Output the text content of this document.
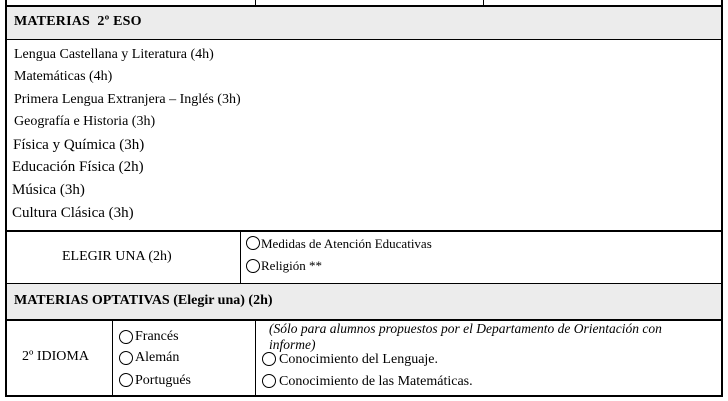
MATERIAS  2º ESO
Lengua Castellana y Literatura (4h)
Matemáticas (4h)
Primera Lengua Extranjera – Inglés (3h)
Geografía e Historia (3h)
Física y Química (3h)
Educación Física (2h)
Música (3h)
Cultura Clásica (3h)
ELEGIR UNA (2h)
Medidas de Atención Educativas
Religión **
MATERIAS OPTATIVAS (Elegir una) (2h)
2º IDIOMA
Francés
Alemán
Portugués
(Sólo para alumnos propuestos por el Departamento de Orientación con
informe)
Conocimiento del Lenguaje.
Conocimiento de las Matemáticas.
